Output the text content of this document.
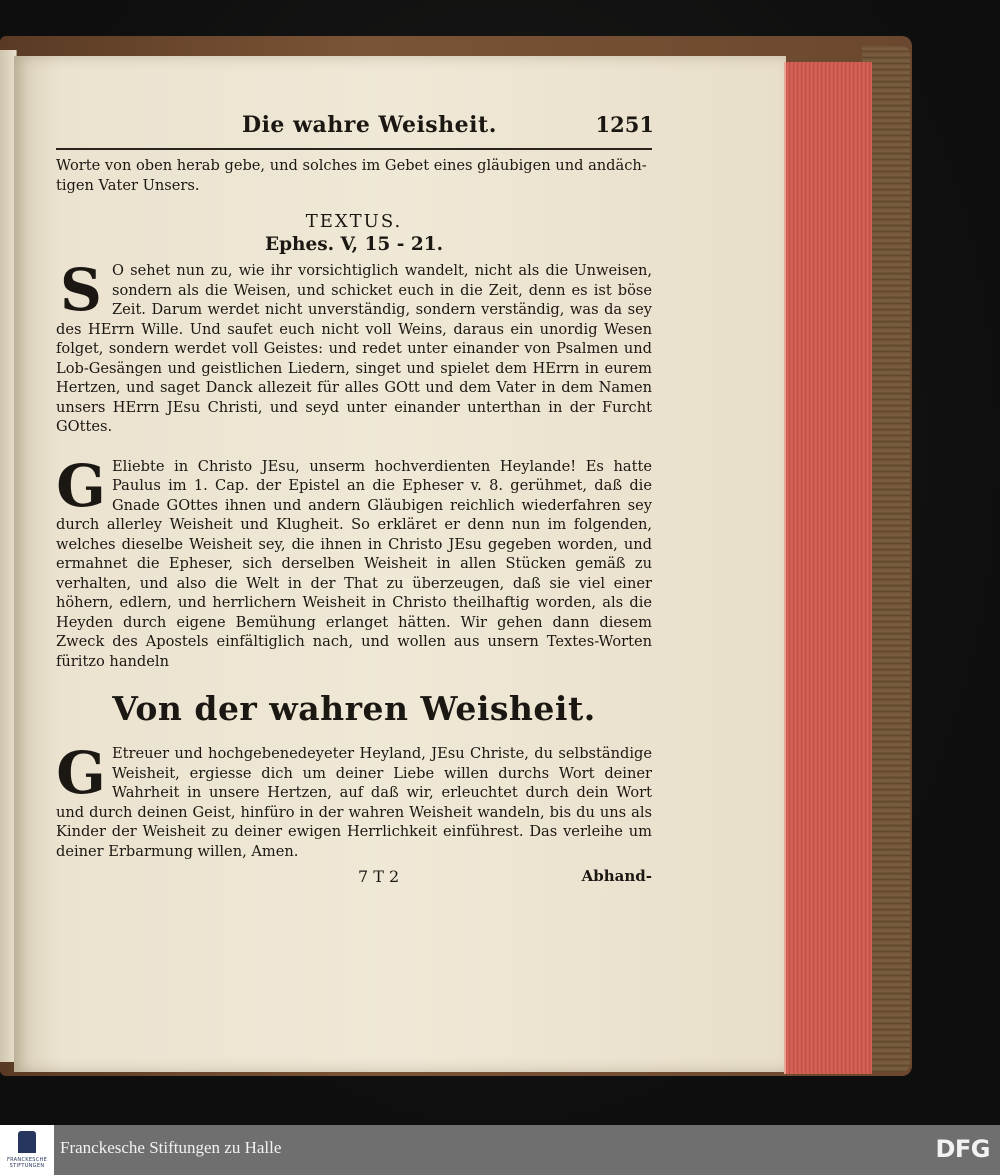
Die wahre Weisheit.	1251

Worte von oben herab gebe, und solches im Gebet eines gläubigen und andäch-
tigen Vater Unsers.

TEXTUS.
Ephes. V, 15 - 21.

S O sehet nun zu, wie ihr vorsichtiglich wandelt, nicht als die Unweisen, sondern als die Weisen, und schicket euch in die Zeit, denn es ist böse Zeit. Darum werdet nicht unverständig, sondern verständig, was da sey des HErrn Wille. Und saufet euch nicht voll Weins, daraus ein unordig Wesen folget, sondern werdet voll Geistes: und redet unter einander von Psalmen und Lob-Gesängen und geistlichen Liedern, singet und spielet dem HErrn in eurem Hertzen, und saget Danck allezeit für alles GOtt und dem Vater in dem Namen unsers HErrn JEsu Christi, und seyd unter einander unterthan in der Furcht GOttes.

G Eliebte in Christo JEsu, unserm hochverdienten Heylande! Es hatte Paulus im 1. Cap. der Epistel an die Epheser v. 8. gerühmet, daß die Gnade GOttes ihnen und andern Gläubigen reichlich wiederfahren sey durch allerley Weisheit und Klugheit. So erkläret er denn nun im folgenden, welches dieselbe Weisheit sey, die ihnen in Christo JEsu gegeben worden, und ermahnet die Epheser, sich derselben Weisheit in allen Stücken gemäß zu verhalten, und also die Welt in der That zu überzeugen, daß sie viel einer höhern, edlern, und herrlichern Weisheit in Christo theilhaftig worden, als die Heyden durch eigene Bemühung erlanget hätten. Wir gehen dann diesem Zweck des Apostels einfältiglich nach, und wollen aus unsern Textes-Worten füritzo handeln

Von der wahren Weisheit.

G Etreuer und hochgebenedeyeter Heyland, JEsu Christe, du selbständige Weisheit, ergiesse dich um deiner Liebe willen durchs Wort deiner Wahrheit in unsere Hertzen, auf daß wir, erleuchtet durch dein Wort und durch deinen Geist, hinfüro in der wahren Weisheit wandeln, bis du uns als Kinder der Weisheit zu deiner ewigen Herrlichkeit einführest. Das verleihe um deiner Erbarmung willen, Amen.

7 T 2	Abhand-
FRANCKESCHE STIFTUNGEN
Franckesche Stiftungen zu Halle	DFG
